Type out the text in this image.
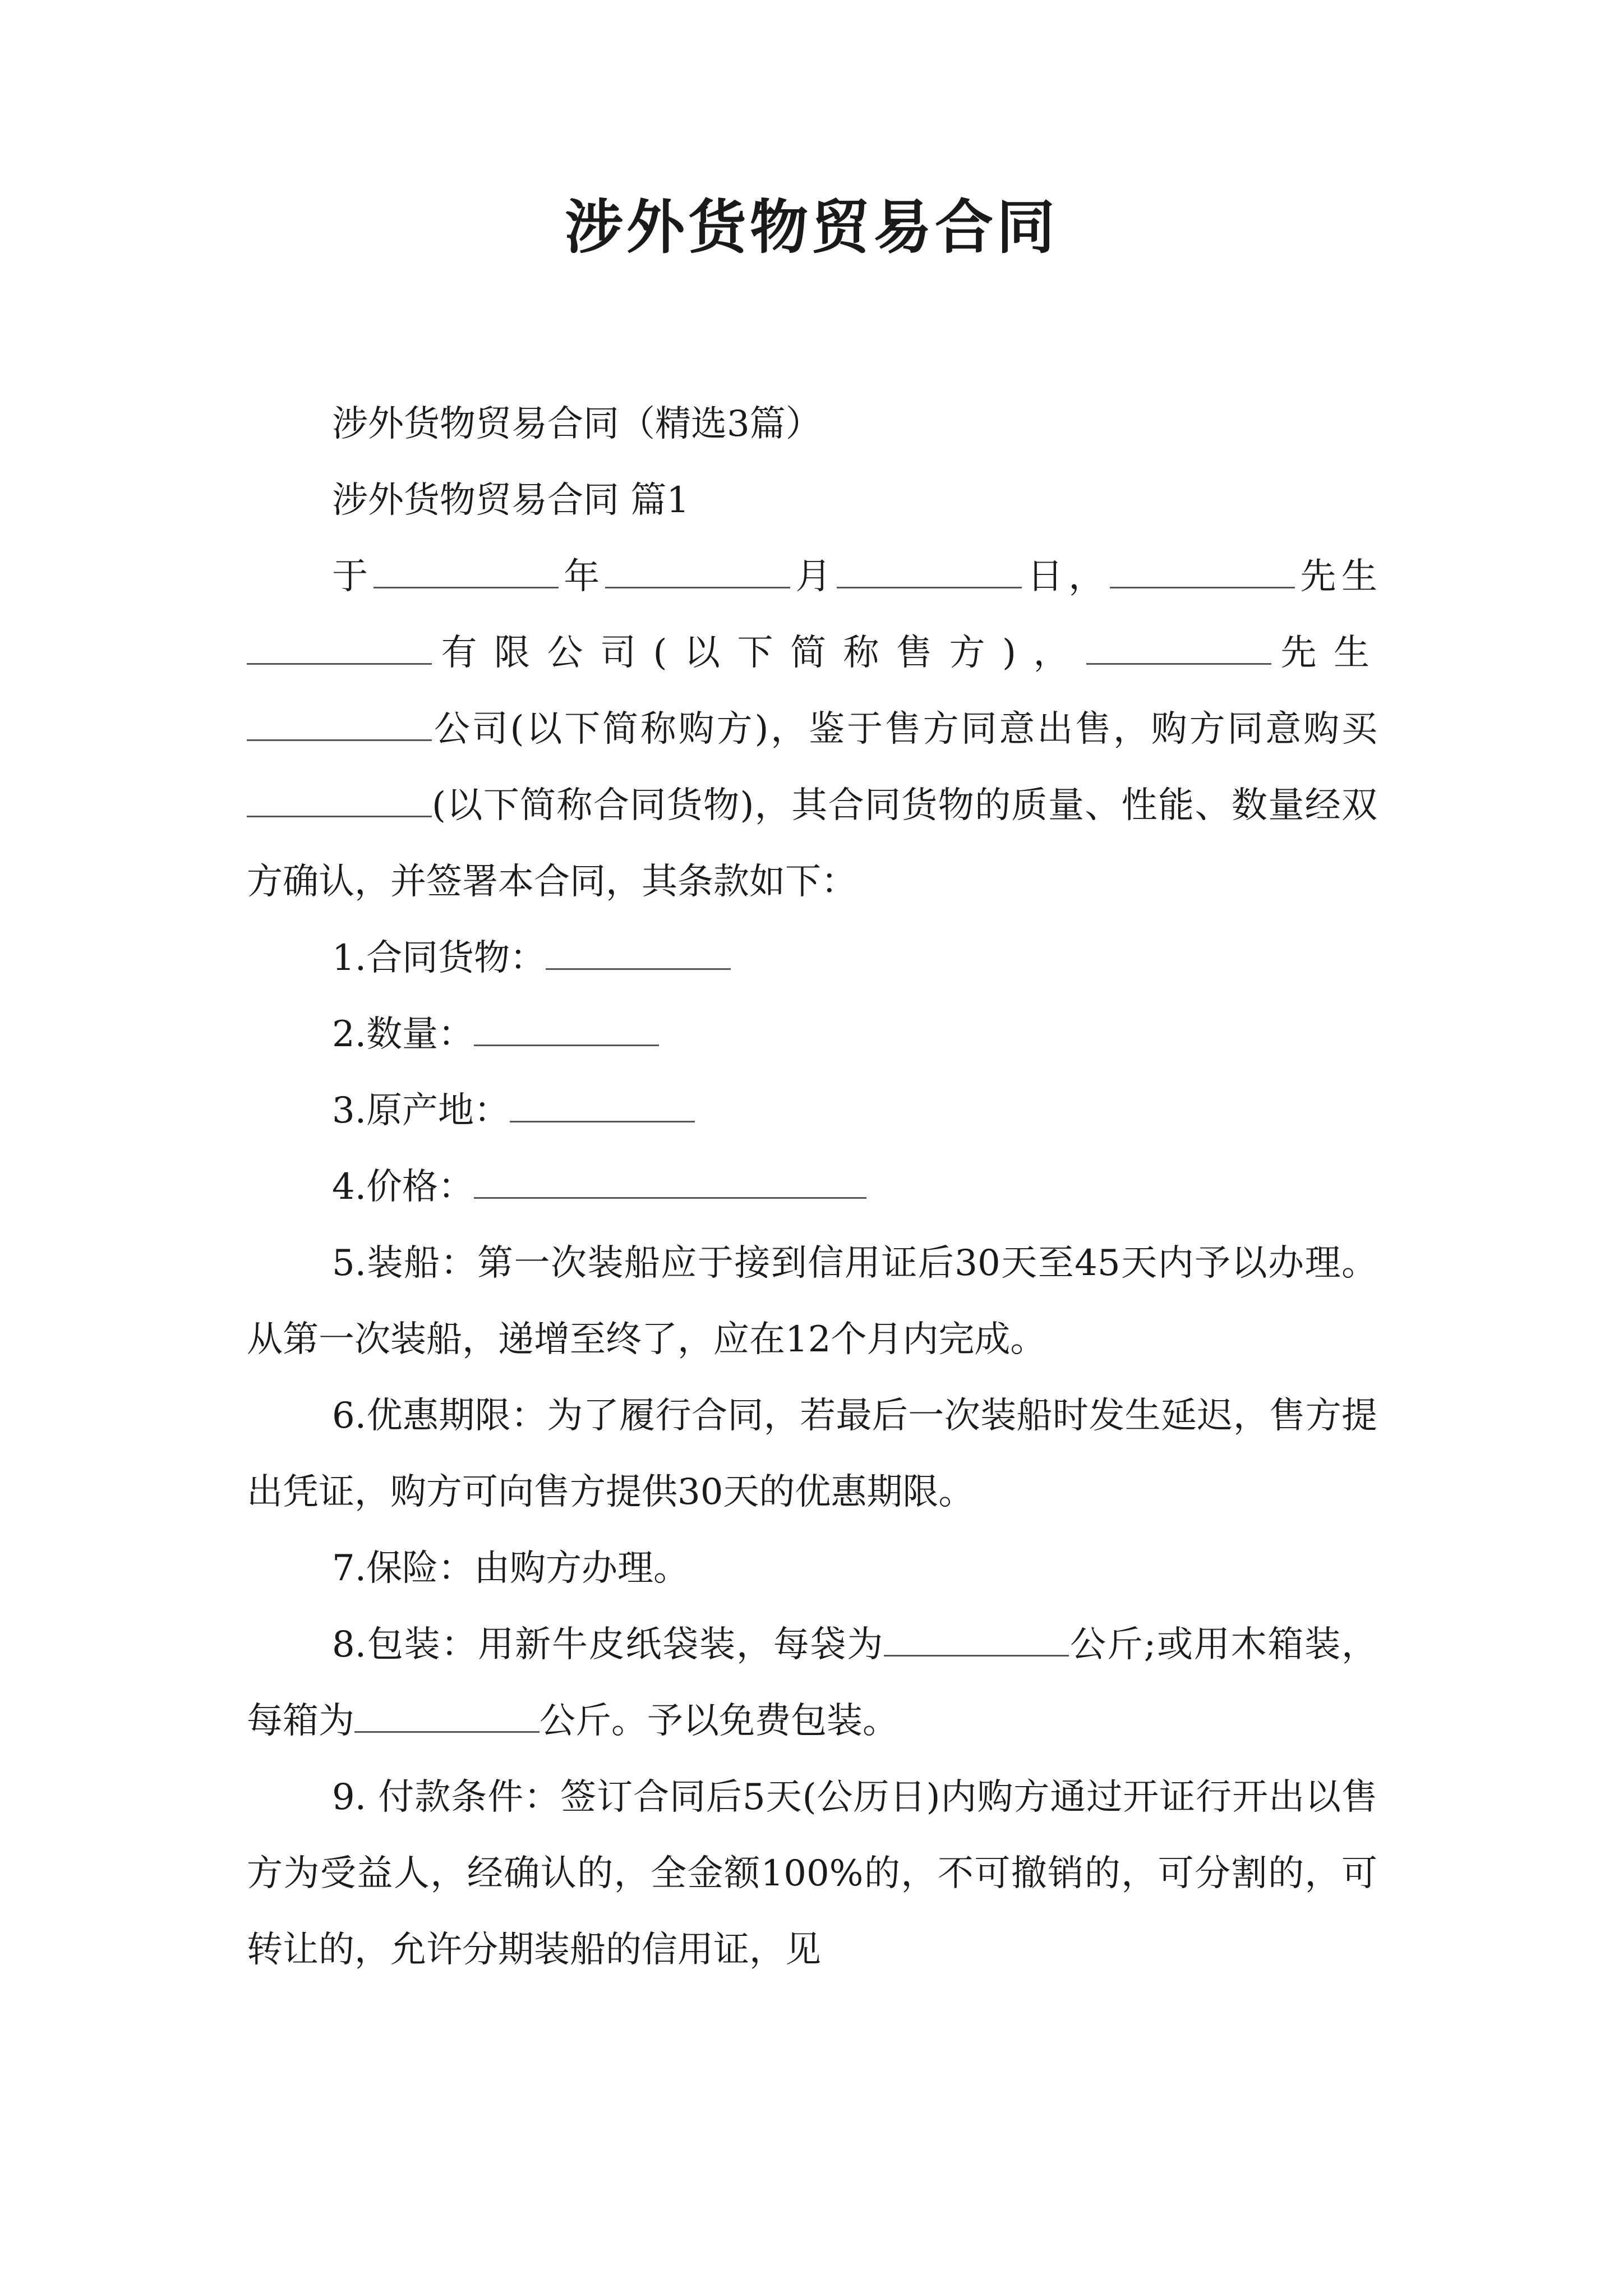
涉外货物贸易合同

涉外货物贸易合同（精选3篇）

涉外货物贸易合同 篇1

于	年	月	日，	先生有限公司(以下简称售方)，	先生 公司(以下简称购方)，鉴于售方同意出售，购方同意购买(以下简称合同货物)，其合同货物的质量、性能、数量经双方确认，并签署本合同，其条款如下：

1.合同货物：

2.数量：

3.原产地：

4.价格：

5.装船：第一次装船应于接到信用证后30天至45天内予以办理。从第一次装船，递增至终了，应在12个月内完成。

6.优惠期限：为了履行合同，若最后一次装船时发生延迟，售方提出凭证，购方可向售方提供30天的优惠期限。

7.保险：由购方办理。

8.包装：用新牛皮纸袋装，每袋为	公斤;或用木箱装，每箱为	公斤。予以免费包装。

9. 付款条件：签订合同后5天(公历日)内购方通过开证行开出以售方为受益人，经确认的，全金额100%的，不可撤销的，可分割的，可转让的，允许分期装船的信用证，见
